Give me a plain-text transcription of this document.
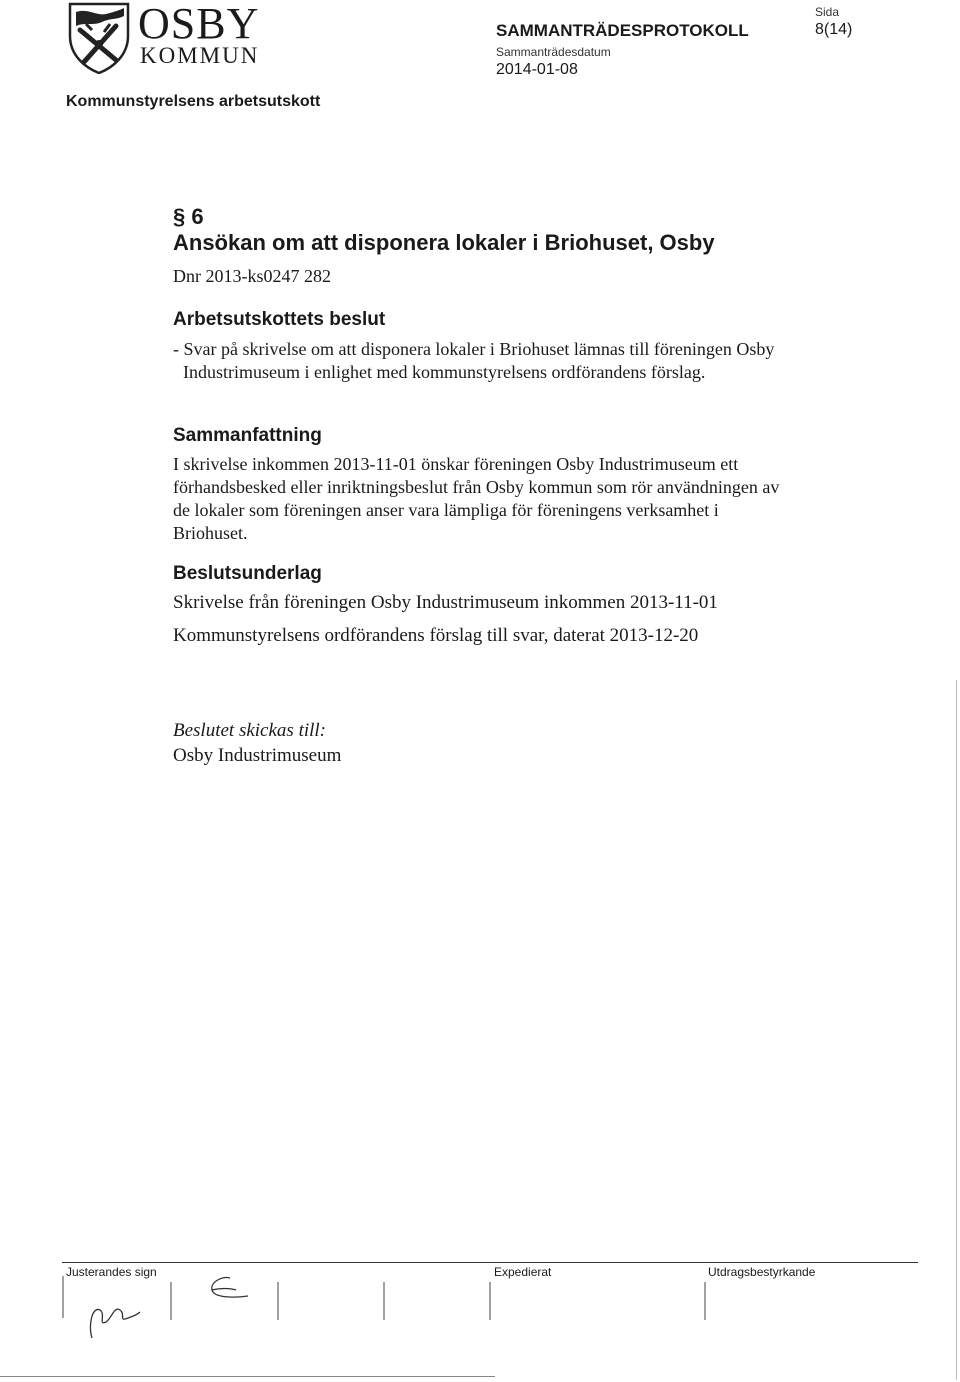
OSBY
KOMMUN
SAMMANTRÄDESPROTOKOLL
Sammanträdesdatum
2014-01-08
Sida
8(14)
Kommunstyrelsens arbetsutskott
§ 6
Ansökan om att disponera lokaler i Briohuset, Osby
Dnr 2013-ks0247 282
Arbetsutskottets beslut

- Svar på skrivelse om att disponera lokaler i Briohuset lämnas till föreningen Osby Industrimuseum i enlighet med kommunstyrelsens ordförandens förslag.

Sammanfattning

I skrivelse inkommen 2013-11-01 önskar föreningen Osby Industrimuseum ett förhandsbesked eller inriktningsbeslut från Osby kommun som rör användningen av de lokaler som föreningen anser vara lämpliga för föreningens verksamhet i Briohuset.

Beslutsunderlag
Skrivelse från föreningen Osby Industrimuseum inkommen 2013-11-01
Kommunstyrelsens ordförandens förslag till svar, daterat 2013-12-20
Beslutet skickas till:
Osby Industrimuseum
Justerandes sign	Expedierat	Utdragsbestyrkande
